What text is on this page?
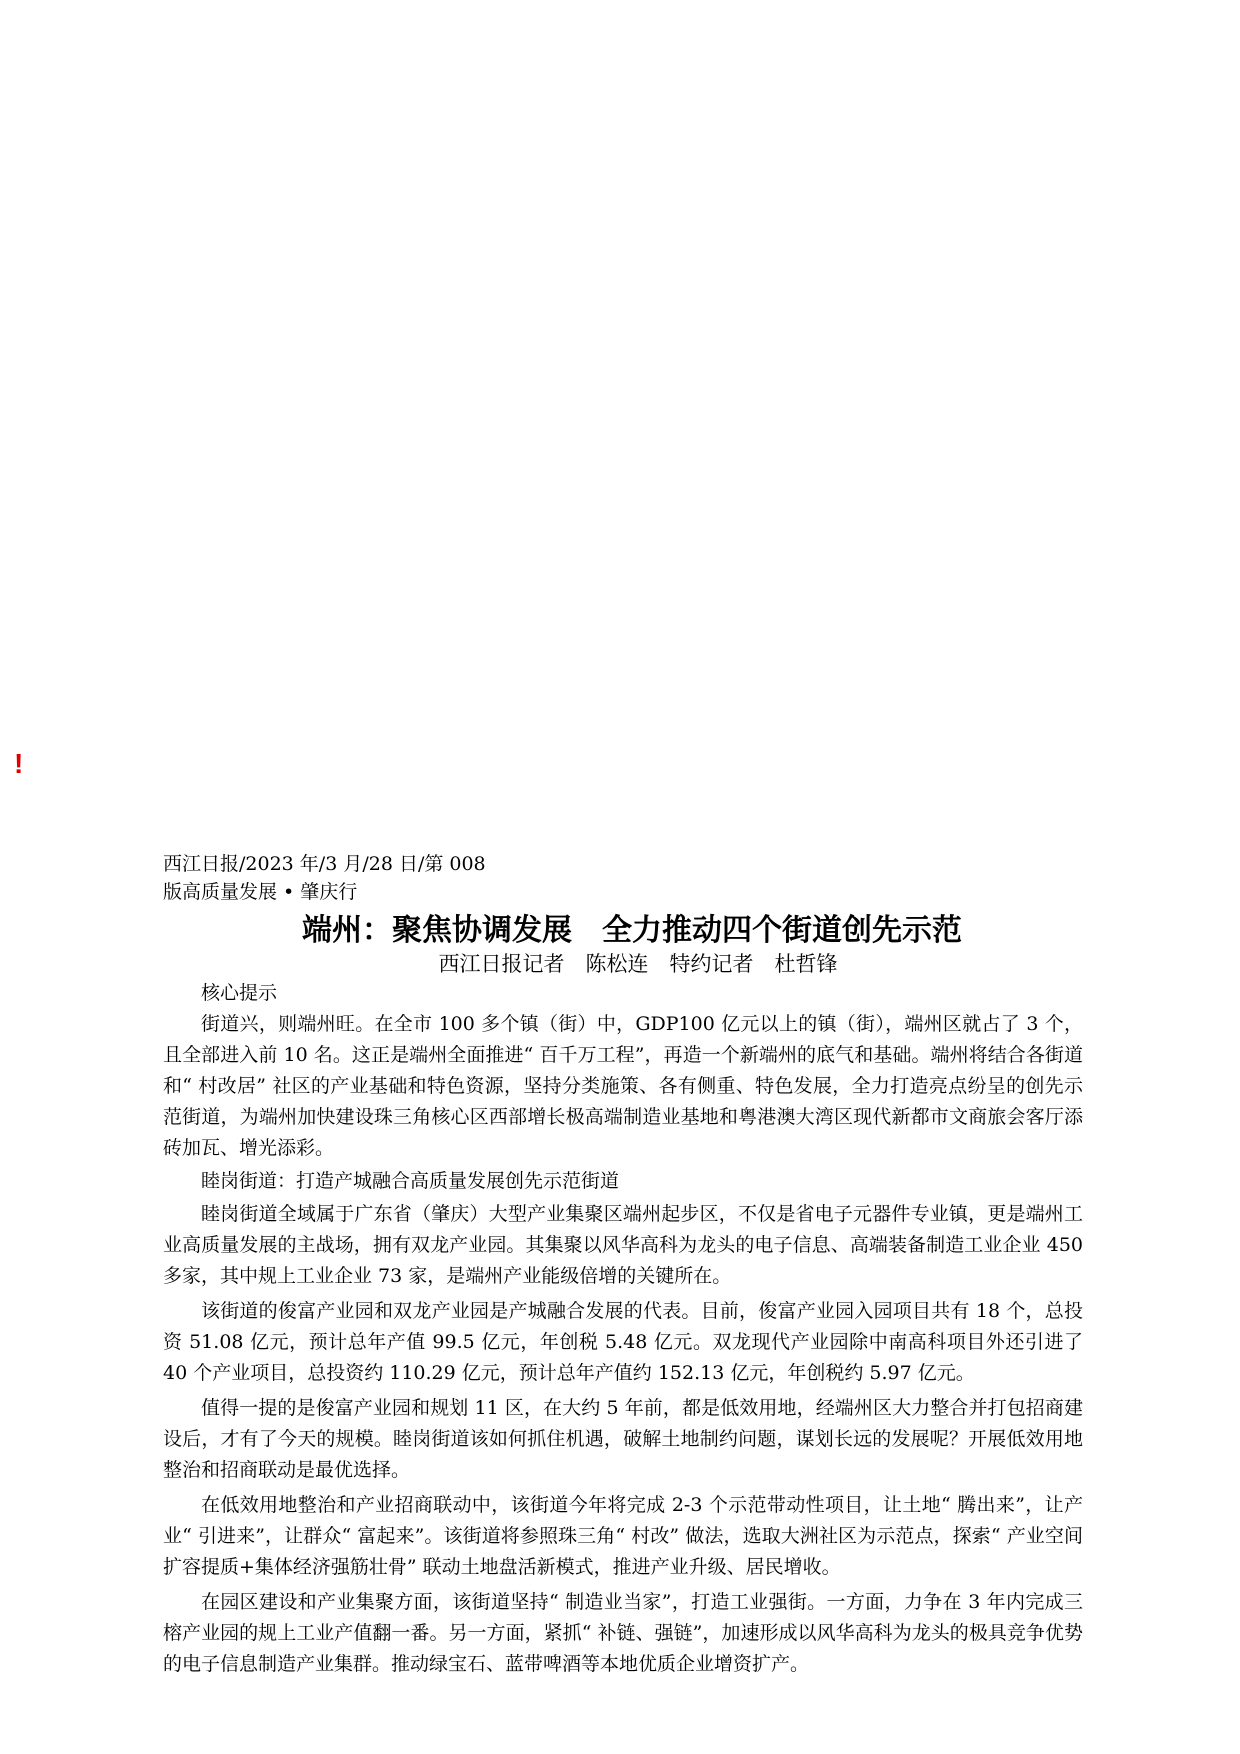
!

西江日报/2023 年/3 月/28 日/第 008

版高质量发展 • 肇庆行

端州：聚焦协调发展　全力推动四个街道创先示范

西江日报记者　陈松连　特约记者　杜哲锋

核心提示

街道兴，则端州旺。在全市 100 多个镇（街）中，GDP100 亿元以上的镇（街），端州区就占了 3 个，且全部进入前 10 名。这正是端州全面推进“ 百千万工程”，再造一个新端州的底气和基础。端州将结合各街道和“ 村改居” 社区的产业基础和特色资源，坚持分类施策、各有侧重、特色发展，全力打造亮点纷呈的创先示范街道，为端州加快建设珠三角核心区西部增长极高端制造业基地和粤港澳大湾区现代新都市文商旅会客厅添砖加瓦、增光添彩。

睦岗街道：打造产城融合高质量发展创先示范街道

睦岗街道全域属于广东省（肇庆）大型产业集聚区端州起步区，不仅是省电子元器件专业镇，更是端州工业高质量发展的主战场，拥有双龙产业园。其集聚以风华高科为龙头的电子信息、高端装备制造工业企业 450 多家，其中规上工业企业 73 家，是端州产业能级倍增的关键所在。

该街道的俊富产业园和双龙产业园是产城融合发展的代表。目前，俊富产业园入园项目共有 18 个，总投资 51.08 亿元，预计总年产值 99.5 亿元，年创税 5.48 亿元。双龙现代产业园除中南高科项目外还引进了 40 个产业项目，总投资约 110.29 亿元，预计总年产值约 152.13 亿元，年创税约 5.97 亿元。

值得一提的是俊富产业园和规划 11 区，在大约 5 年前，都是低效用地，经端州区大力整合并打包招商建设后，才有了今天的规模。睦岗街道该如何抓住机遇，破解土地制约问题，谋划长远的发展呢？开展低效用地整治和招商联动是最优选择。

在低效用地整治和产业招商联动中，该街道今年将完成 2-3 个示范带动性项目，让土地“ 腾出来”，让产业“ 引进来”，让群众“ 富起来”。该街道将参照珠三角“ 村改” 做法，选取大洲社区为示范点，探索“ 产业空间扩容提质+集体经济强筋壮骨” 联动土地盘活新模式，推进产业升级、居民增收。

在园区建设和产业集聚方面，该街道坚持“ 制造业当家”，打造工业强街。一方面，力争在 3 年内完成三榕产业园的规上工业产值翻一番。另一方面，紧抓“ 补链、强链”，加速形成以风华高科为龙头的极具竞争优势的电子信息制造产业集群。推动绿宝石、蓝带啤酒等本地优质企业增资扩产。
